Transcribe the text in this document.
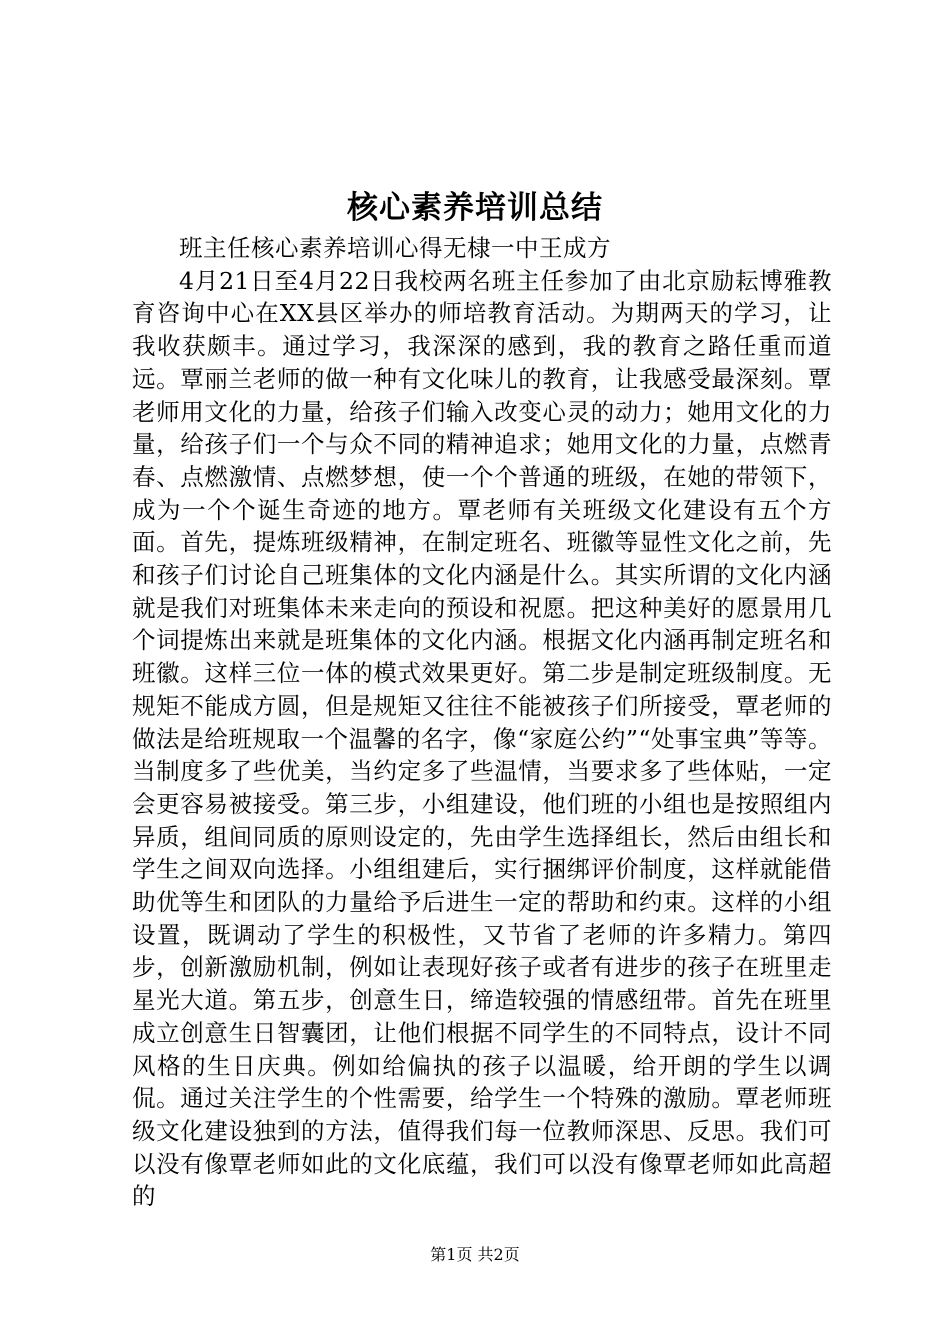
核心素养培训总结

班主任核心素养培训心得无棣一中王成方

4月21日至4月22日我校两名班主任参加了由北京励耘博雅教育咨询中心在XX县区举办的师培教育活动。为期两天的学习，让我收获颇丰。通过学习，我深深的感到，我的教育之路任重而道远。覃丽兰老师的做一种有文化味儿的教育，让我感受最深刻。覃老师用文化的力量，给孩子们输入改变心灵的动力；她用文化的力量，给孩子们一个与众不同的精神追求；她用文化的力量，点燃青春、点燃激情、点燃梦想，使一个个普通的班级，在她的带领下，成为一个个诞生奇迹的地方。覃老师有关班级文化建设有五个方面。首先，提炼班级精神，在制定班名、班徽等显性文化之前，先和孩子们讨论自己班集体的文化内涵是什么。其实所谓的文化内涵就是我们对班集体未来走向的预设和祝愿。把这种美好的愿景用几个词提炼出来就是班集体的文化内涵。根据文化内涵再制定班名和班徽。这样三位一体的模式效果更好。第二步是制定班级制度。无规矩不能成方圆，但是规矩又往往不能被孩子们所接受，覃老师的做法是给班规取一个温馨的名字，像“家庭公约”“处事宝典”等等。当制度多了些优美，当约定多了些温情，当要求多了些体贴，一定会更容易被接受。第三步，小组建设，他们班的小组也是按照组内异质，组间同质的原则设定的，先由学生选择组长，然后由组长和学生之间双向选择。小组组建后，实行捆绑评价制度，这样就能借助优等生和团队的力量给予后进生一定的帮助和约束。这样的小组设置，既调动了学生的积极性，又节省了老师的许多精力。第四步，创新激励机制，例如让表现好孩子或者有进步的孩子在班里走星光大道。第五步，创意生日，缔造较强的情感纽带。首先在班里成立创意生日智囊团，让他们根据不同学生的不同特点，设计不同风格的生日庆典。例如给偏执的孩子以温暖，给开朗的学生以调侃。通过关注学生的个性需要，给学生一个特殊的激励。覃老师班级文化建设独到的方法，值得我们每一位教师深思、反思。我们可以没有像覃老师如此的文化底蕴，我们可以没有像覃老师如此高超的

第1页 共2页
